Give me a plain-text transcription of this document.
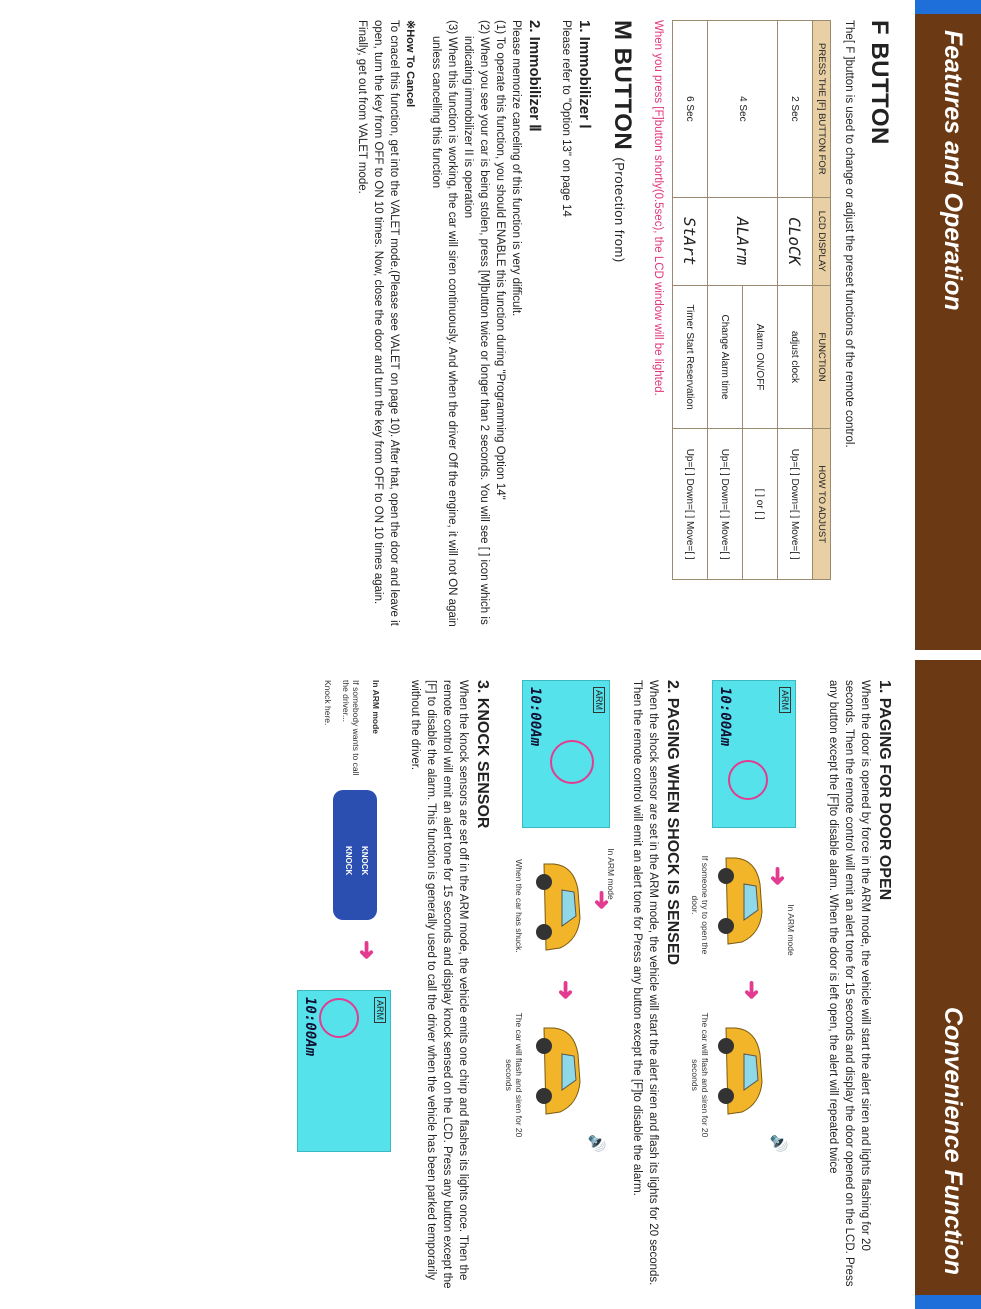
Features and Operation
Convenience Function
F BUTTON

The[ F ]button is used to change or adjust the preset functions of the remote control.

PRESS THE [F] BUTTON FOR	LCD DISPLAY	FUNCTION	HOW TO ADJUST
2 Sec	CLoCK	adjust clock	Up=[ ] Down=[ ] Move=[ ]
4 Sec	ALArm	Alarm ON/OFF	[ ] or [ ]
		Change Alarm time	Up=[ ] Down=[ ] Move=[ ]
6 Sec	StArt	Timer Start Reservation	Up=[ ] Down=[ ] Move=[ ]

When you press [F]button shortly(0.5sec), the LCD window will be lighted.

M BUTTON (Protection from)
1. Immobilizer Ⅰ

Please refer to "Option 13" on page 14

2. Immobilizer Ⅱ

Please memorize canceling of this function is very difficult.

(1) To operate this function, you should ENABLE this function during "Programming Option 14"

(2) When you see your car is being stolen, press [M]button twice or longer than 2 seconds. You will see [ ] icon which is indicating immobilizer II is operation

(3) When this function is working, the car will siren continuously. And when the driver Off the engine, it will not ON again unless cancelling this function

※How To Cancel

To cnacel this function, get into the VALET mode.(Please see VALET on page 10). After that, open the door and leave it open, turn the key from OFF to ON 10 times. Now, close the door and turn the key from OFF to ON 10 times again. Finally, get out from VALET mode.

1. PAGING FOR DOOR OPEN

When the door is opened by force in the ARM mode, the vehicle will start the alert siren and lights flashing for 20 seconds. Then the remote control will emit an alert tone for 15 seconds and display the door opened on the LCD. Press any button except the [F]to disable alarm. When the door is left open, the alert will repeated twice

ARM
10:00Am
In ARM mode
➜
If someone try to open the door.
➜
🔊
The car will flash and siren for 20 seconds
2. PAGING WHEN SHOCK IS SENSED

When the shock sensor are set in the ARM mode, the vehicle will start the alert siren and flash its lights for 20 seconds. Then the remote control will emit an alert tone for Press any button except the [F]to disable the alarm.

ARM
10:00Am
In ARM mode
➜
When the car has shuck.
➜
🔊
The car will flash and siren for 20 seconds
3. KNOCK SENSOR

When the knock sensors are set off in the ARM mode, the vehicle emits one chirp and flashes its lights once. Then the remote control will emit an alert tone for 15 seconds and display knock sensed on the LCD. Press any button except the [F] to disable the alarm. This function is generally used to call the driver when the vehicle has been parked temporarily without the driver.

In ARM mode
If somebody wants to call the driver...
Knock here.
KNOCK
KNOCK
➜
ARM
10:00Am
